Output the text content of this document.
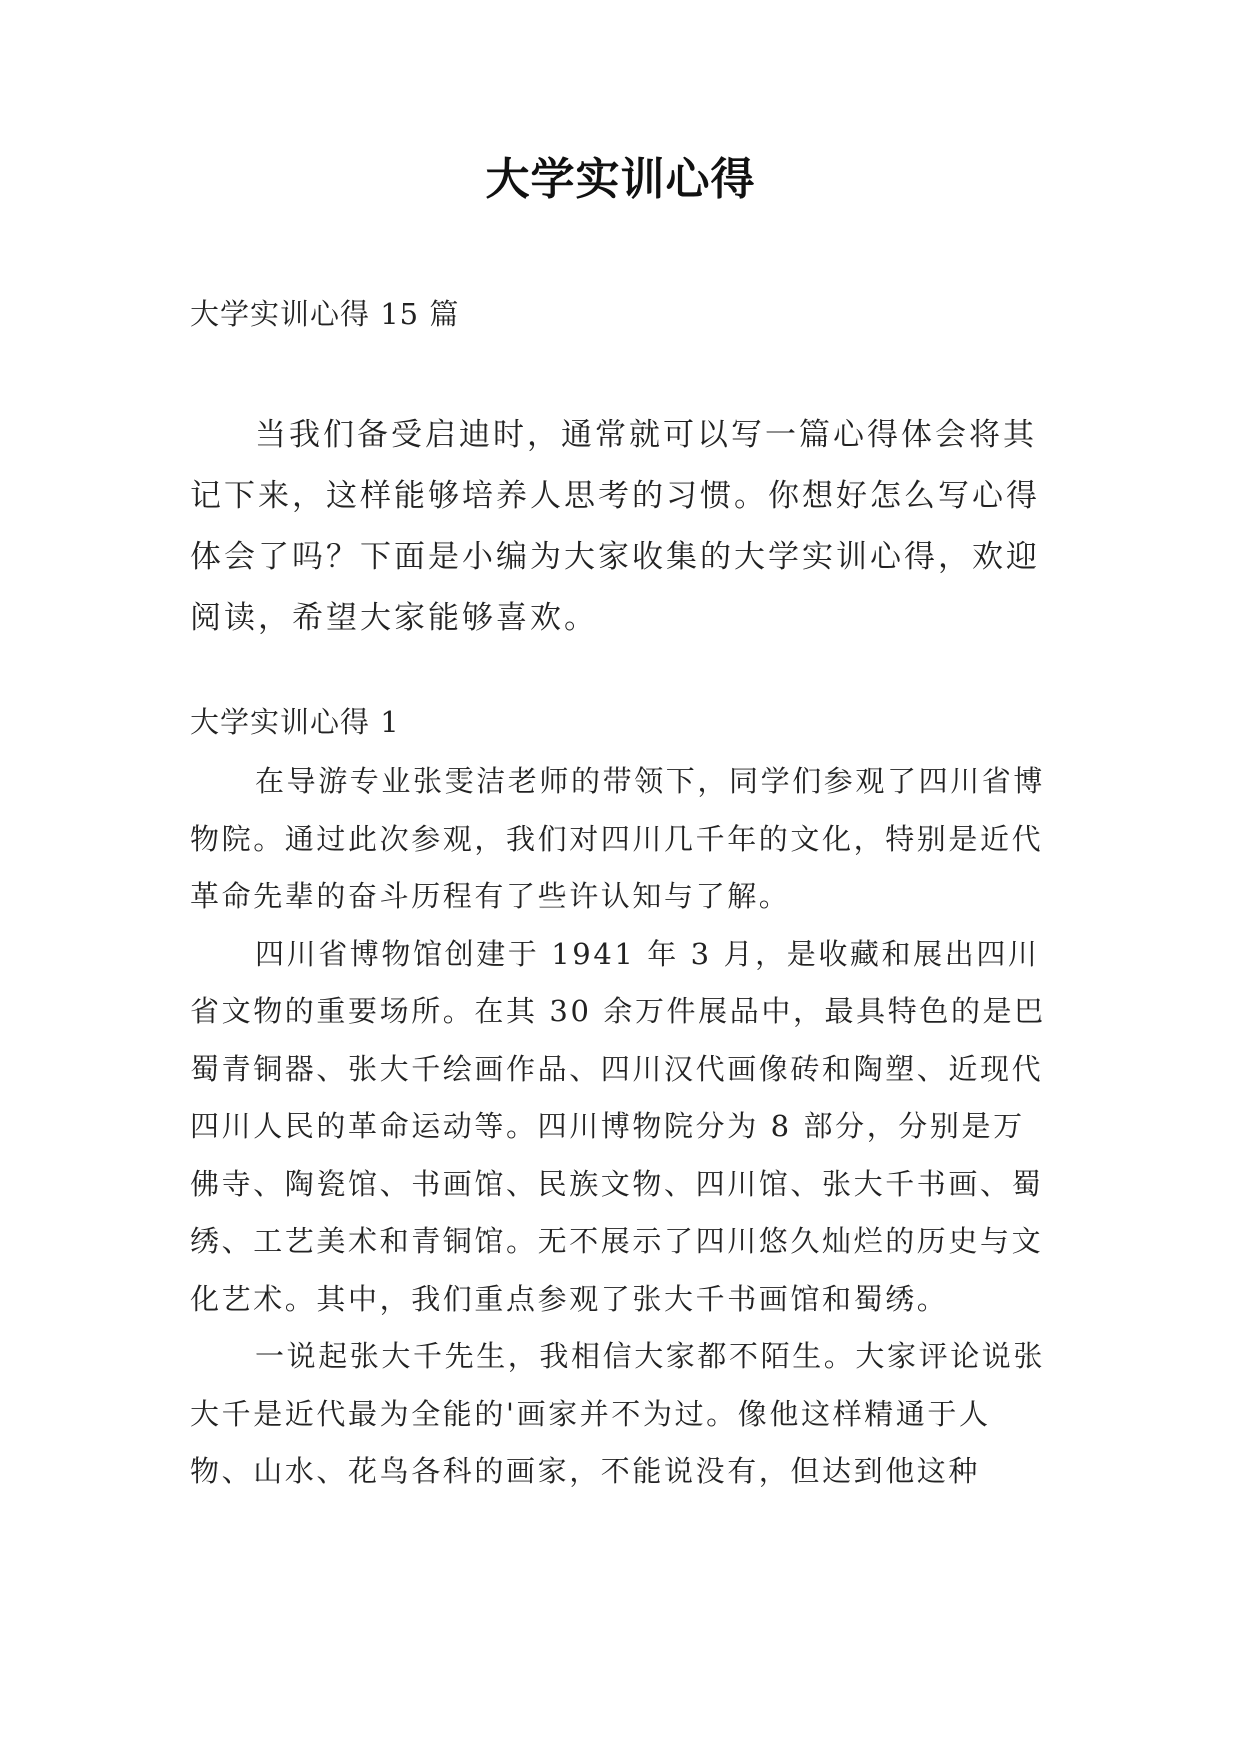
大学实训心得
大学实训心得 15 篇

当我们备受启迪时，通常就可以写一篇心得体会将其记下来，这样能够培养人思考的习惯。你想好怎么写心得体会了吗？下面是小编为大家收集的大学实训心得，欢迎阅读，希望大家能够喜欢。

大学实训心得 1

在导游专业张雯洁老师的带领下，同学们参观了四川省博物院。通过此次参观，我们对四川几千年的文化，特别是近代革命先辈的奋斗历程有了些许认知与了解。

四川省博物馆创建于 1941 年 3 月，是收藏和展出四川省文物的重要场所。在其 30 余万件展品中，最具特色的是巴蜀青铜器、张大千绘画作品、四川汉代画像砖和陶塑、近现代四川人民的革命运动等。四川博物院分为 8 部分，分别是万佛寺、陶瓷馆、书画馆、民族文物、四川馆、张大千书画、蜀绣、工艺美术和青铜馆。无不展示了四川悠久灿烂的历史与文化艺术。其中，我们重点参观了张大千书画馆和蜀绣。

一说起张大千先生，我相信大家都不陌生。大家评论说张大千是近代最为全能的'画家并不为过。像他这样精通于人物、山水、花鸟各科的画家，不能说没有，但达到他这种
